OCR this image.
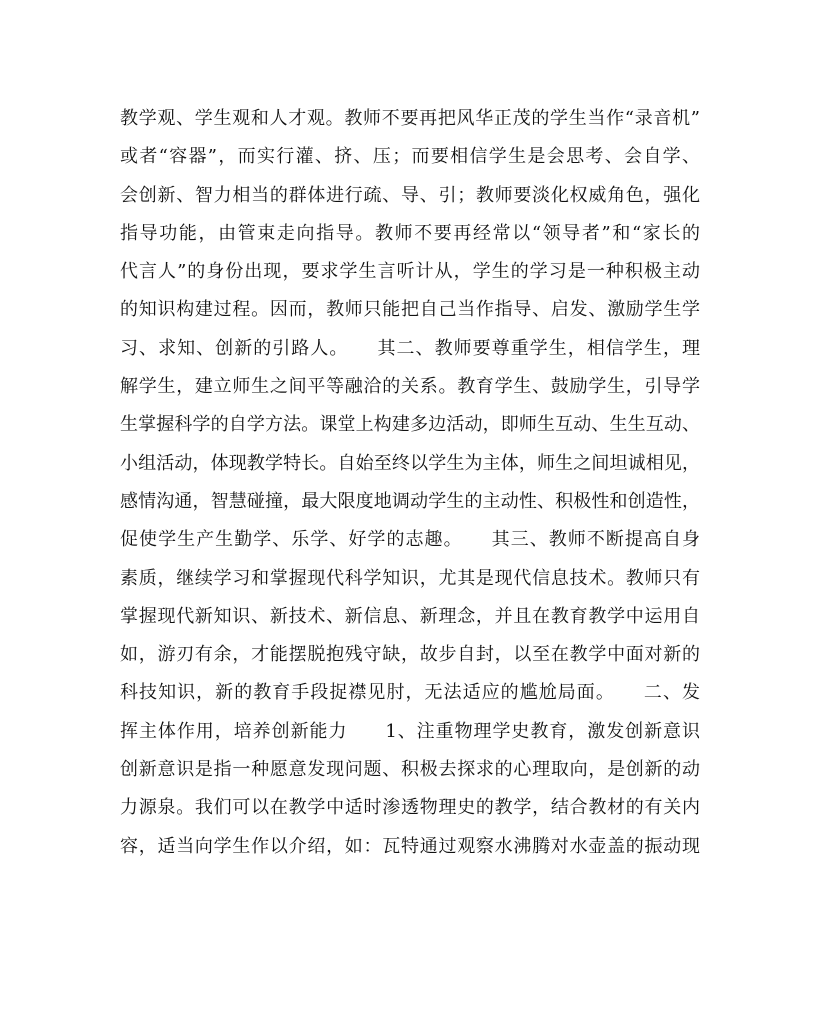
教学观、学生观和人才观。教师不要再把风华正茂的学生当作“录音机”
或者“容器”，而实行灌、挤、压；而要相信学生是会思考、会自学、
会创新、智力相当的群体进行疏、导、引；教师要淡化权威角色，强化
指导功能，由管束走向指导。教师不要再经常以“领导者”和“家长的
代言人”的身份出现，要求学生言听计从，学生的学习是一种积极主动
的知识构建过程。因而，教师只能把自己当作指导、启发、激励学生学
习、求知、创新的引路人。　　其二、教师要尊重学生，相信学生，理
解学生，建立师生之间平等融洽的关系。教育学生、鼓励学生，引导学
生掌握科学的自学方法。课堂上构建多边活动，即师生互动、生生互动、
小组活动，体现教学特长。自始至终以学生为主体，师生之间坦诚相见，
感情沟通，智慧碰撞，最大限度地调动学生的主动性、积极性和创造性，
促使学生产生勤学、乐学、好学的志趣。　　其三、教师不断提高自身
素质，继续学习和掌握现代科学知识，尤其是现代信息技术。教师只有
掌握现代新知识、新技术、新信息、新理念，并且在教育教学中运用自
如，游刃有余，才能摆脱抱残守缺，故步自封，以至在教学中面对新的
科技知识，新的教育手段捉襟见肘，无法适应的尴尬局面。　　二、发
挥主体作用，培养创新能力　　1、注重物理学史教育，激发创新意识
创新意识是指一种愿意发现问题、积极去探求的心理取向，是创新的动
力源泉。我们可以在教学中适时渗透物理史的教学，结合教材的有关内
容，适当向学生作以介绍，如：瓦特通过观察水沸腾对水壶盖的振动现
